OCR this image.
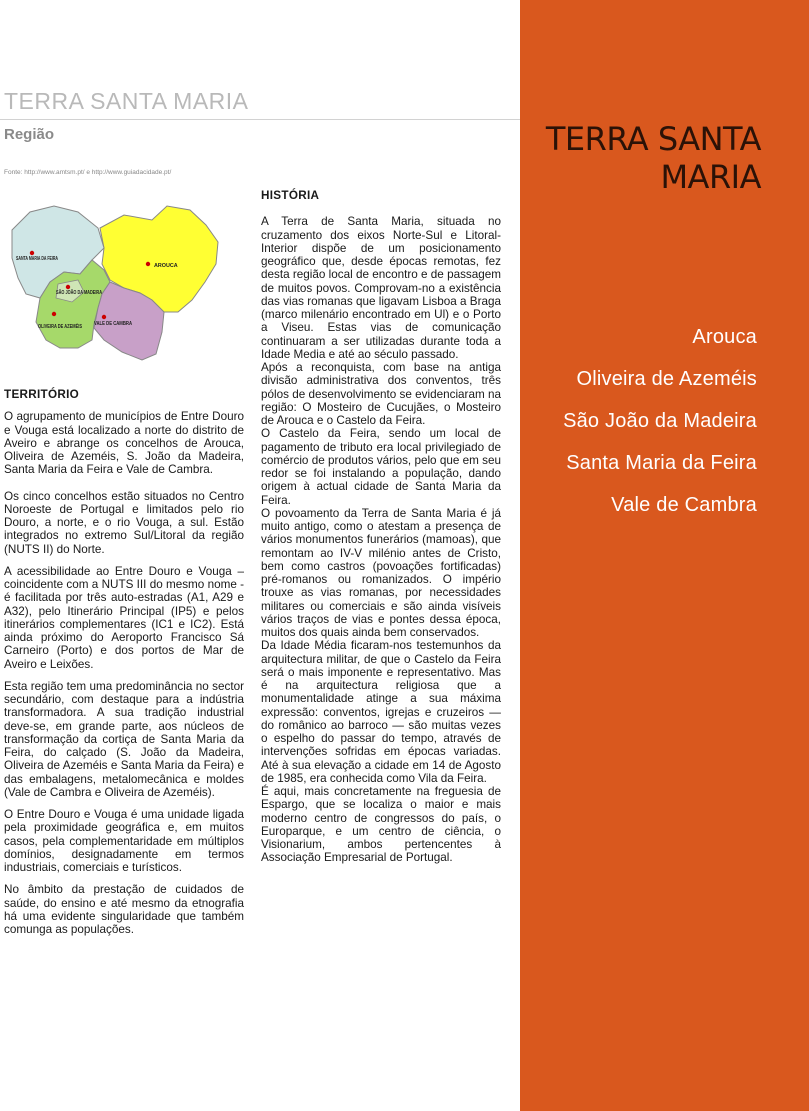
TERRA SANTA MARIA
Região
Fonte: http://www.amtsm.pt/ e http://www.guiadacidade.pt/
SANTA MARIA DA FEIRA
AROUCA
SÃO JOÃO DA MADEIRA
OLIVEIRA DE AZEMÉIS
VALE DE CAMBRA
TERRITÓRIO

O agrupamento de municípios de Entre Douro e Vouga está localizado a norte do distrito de Aveiro e abrange os concelhos de Arouca, Oliveira de Azeméis, S. João da Madeira, Santa Maria da Feira e Vale de Cambra.

Os cinco concelhos estão situados no Centro Noroeste de Portugal e limitados pelo rio Douro, a norte, e o rio Vouga, a sul. Estão integrados no extremo Sul/Litoral da região (NUTS II) do Norte.

A acessibilidade ao Entre Douro e Vouga – coincidente com a NUTS III do mesmo nome - é facilitada por três auto-estradas (A1, A29 e A32), pelo Itinerário Principal (IP5) e pelos itinerários complementares (IC1 e IC2). Está ainda próximo do Aeroporto Francisco Sá Carneiro (Porto) e dos portos de Mar de Aveiro e Leixões.

Esta região tem uma predominância no sector secundário, com destaque para a indústria transformadora. A sua tradição industrial deve-se, em grande parte, aos núcleos de transformação da cortiça de Santa Maria da Feira, do calçado (S. João da Madeira, Oliveira de Azeméis e Santa Maria da Feira) e das embalagens, metalomecânica e moldes (Vale de Cambra e Oliveira de Azeméis).

O Entre Douro e Vouga é uma unidade ligada pela proximidade geográfica e, em muitos casos, pela complementaridade em múltiplos domínios, designadamente em termos industriais, comerciais e turísticos.

No âmbito da prestação de cuidados de saúde, do ensino e até mesmo da etnografia há uma evidente singularidade que também comunga as populações.

HISTÓRIA

A Terra de Santa Maria, situada no cruzamento dos eixos Norte-Sul e Litoral-Interior dispõe de um posicionamento geográfico que, desde épocas remotas, fez desta região local de encontro e de passagem de muitos povos. Comprovam-no a existência das vias romanas que ligavam Lisboa a Braga (marco milenário encontrado em Ul) e o Porto a Viseu. Estas vias de comunicação continuaram a ser utilizadas durante toda a Idade Media e até ao século passado.

Após a reconquista, com base na antiga divisão administrativa dos conventos, três pólos de desenvolvimento se evidenciaram na região: O Mosteiro de Cucujães, o Mosteiro de Arouca e o Castelo da Feira.

O Castelo da Feira, sendo um local de pagamento de tributo era local privilegiado de comércio de produtos vários, pelo que em seu redor se foi instalando a população, dando origem à actual cidade de Santa Maria da Feira.

O povoamento da Terra de Santa Maria é já muito antigo, como o atestam a presença de vários monumentos funerários (mamoas), que remontam ao IV-V milénio antes de Cristo, bem como castros (povoações fortificadas) pré-romanos ou romanizados. O império trouxe as vias romanas, por necessidades militares ou comerciais e são ainda visíveis vários traços de vias e pontes dessa época, muitos dos quais ainda bem conservados.

Da Idade Média ficaram-nos testemunhos da arquitectura militar, de que o Castelo da Feira será o mais imponente e representativo. Mas é na arquitectura religiosa que a monumentalidade atinge a sua máxima expressão: conventos, igrejas e cruzeiros — do românico ao barroco — são muitas vezes o espelho do passar do tempo, através de intervenções sofridas em épocas variadas. Até à sua elevação a cidade em 14 de Agosto de 1985, era conhecida como Vila da Feira.

É aqui, mais concretamente na freguesia de Espargo, que se localiza o maior e mais moderno centro de congressos do país, o Europarque, e um centro de ciência, o Visionarium, ambos pertencentes à Associação Empresarial de Portugal.

TERRA SANTA
MARIA
Arouca
Oliveira de Azeméis
São João da Madeira
Santa Maria da Feira
Vale de Cambra
